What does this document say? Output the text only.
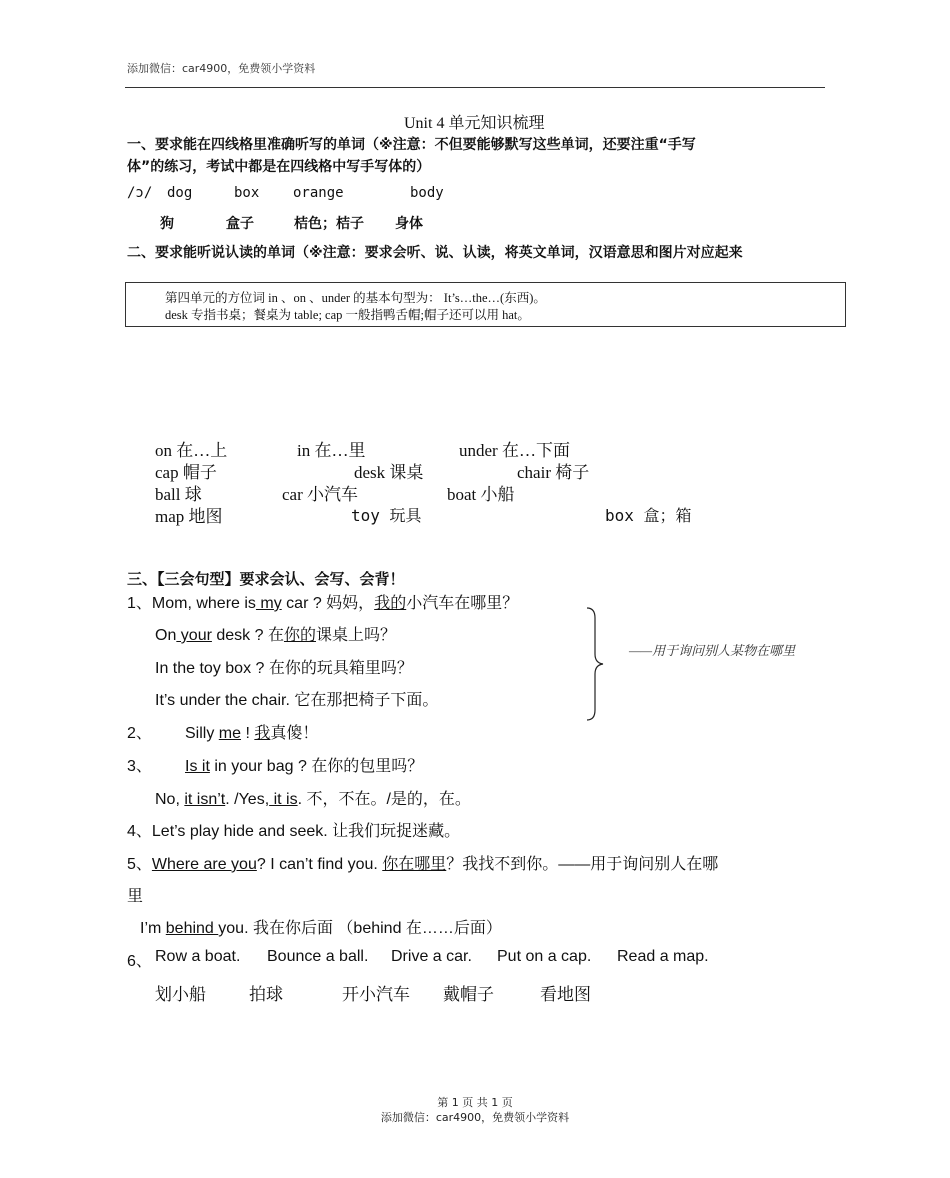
添加微信：car4900，免费领小学资料
Unit 4 单元知识梳理
一、要求能在四线格里准确听写的单词（※注意：不但要能够默写这些单词，还要注重“手写
体”的练习，考试中都是在四线格中写手写体的）
/ɔ/ dog	box orange	body
狗	盒子	桔色；桔子 身体
二、要求能听说认读的单词（※注意：要求会听、说、认读，将英文单词，汉语意思和图片对应起来
第四单元的方位词 in 、on 、under 的基本句型为： It’s…the…(东西)。
desk 专指书桌；餐桌为 table; cap 一般指鸭舌帽;帽子还可以用 hat。
on 在…上	in 在…里	under 在…下面
cap 帽子	desk 课桌	chair 椅子
ball 球	car 小汽车	boat 小船
map 地图	toy 玩具	box 盒；箱
三、【三会句型】要求会认、会写、会背！
1、Mom, where is my car ? 妈妈，我的小汽车在哪里？
On your desk ? 在你的课桌上吗？
In the toy box ? 在你的玩具箱里吗？
It’s under the chair. 它在那把椅子下面。
——用于询问别人某物在哪里
2、 Silly me ! 我真傻！
3、 Is it in your bag ? 在你的包里吗？
No, it isn’t. /Yes, it is. 不，不在。/是的，在。
4、Let’s play hide and seek. 让我们玩捉迷藏。
5、Where are you? I can’t find you. 你在哪里？我找不到你。——用于询问别人在哪
里
I’m behind you. 我在你后面 （behind 在……后面）
6、 Row a boat. Bounce a ball. Drive a car. Put on a cap. Read a map.
划小船	拍球	开小汽车 戴帽子	看地图
第 1 页 共 1 页
添加微信：car4900，免费领小学资料
